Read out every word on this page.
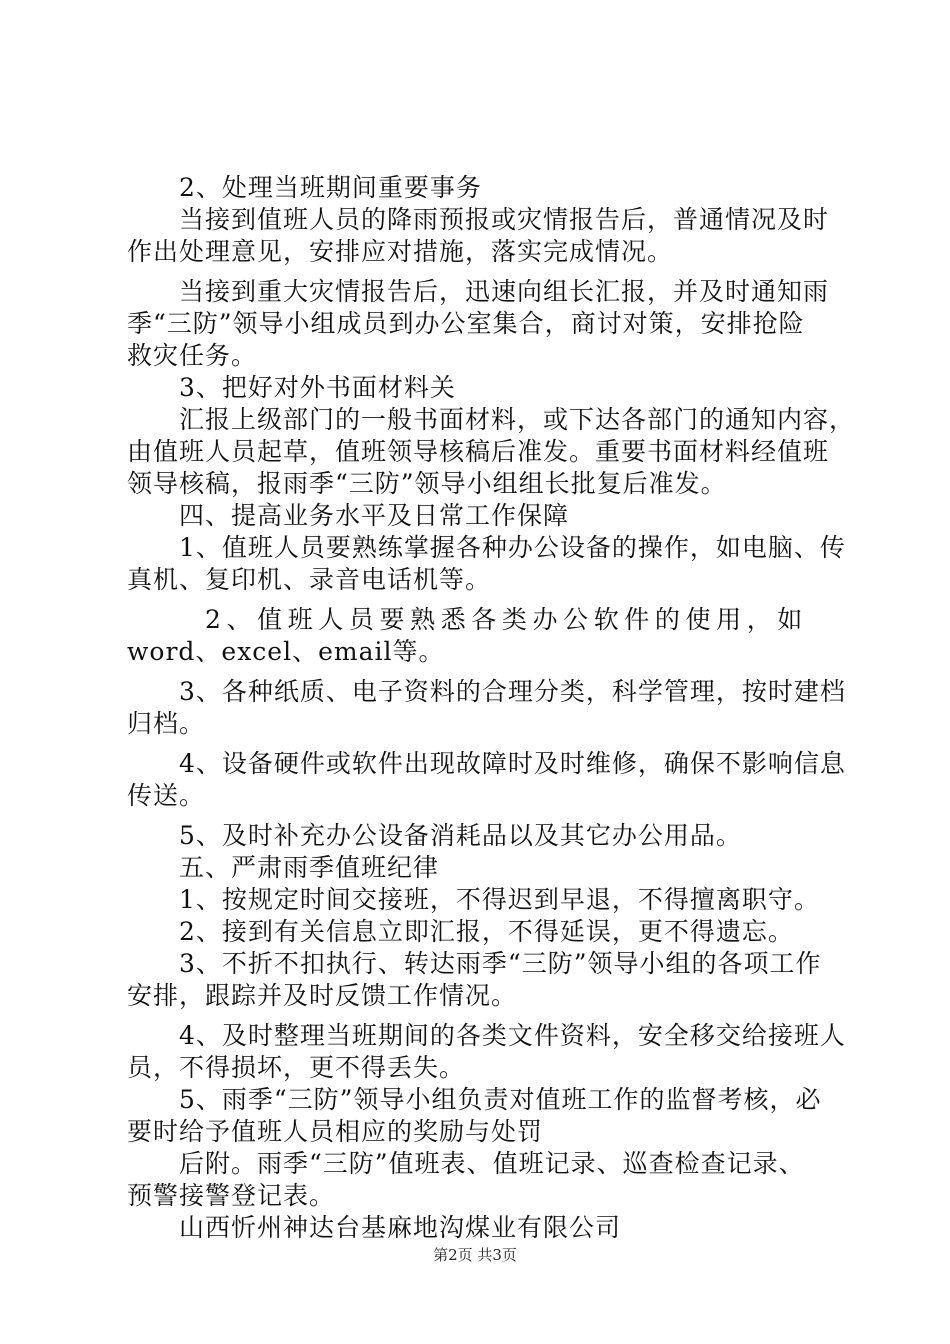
2、处理当班期间重要事务
当接到值班人员的降雨预报或灾情报告后，普通情况及时
作出处理意见，安排应对措施，落实完成情况。
当接到重大灾情报告后，迅速向组长汇报，并及时通知雨
季“三防”领导小组成员到办公室集合，商讨对策，安排抢险
救灾任务。
3、把好对外书面材料关
汇报上级部门的一般书面材料，或下达各部门的通知内容，
由值班人员起草，值班领导核稿后准发。重要书面材料经值班
领导核稿，报雨季“三防”领导小组组长批复后准发。
四、提高业务水平及日常工作保障
1、值班人员要熟练掌握各种办公设备的操作，如电脑、传
真机、复印机、录音电话机等。
2、值班人员要熟悉各类办公软件的使用，如
word、excel、email等。
3、各种纸质、电子资料的合理分类，科学管理，按时建档
归档。
4、设备硬件或软件出现故障时及时维修，确保不影响信息
传送。
5、及时补充办公设备消耗品以及其它办公用品。
五、严肃雨季值班纪律
1、按规定时间交接班，不得迟到早退，不得擅离职守。
2、接到有关信息立即汇报，不得延误，更不得遗忘。
3、不折不扣执行、转达雨季“三防”领导小组的各项工作
安排，跟踪并及时反馈工作情况。
4、及时整理当班期间的各类文件资料，安全移交给接班人
员，不得损坏，更不得丢失。
5、雨季“三防”领导小组负责对值班工作的监督考核，必
要时给予值班人员相应的奖励与处罚
后附。雨季“三防”值班表、值班记录、巡查检查记录、
预警接警登记表。
山西忻州神达台基麻地沟煤业有限公司
第2页 共3页
